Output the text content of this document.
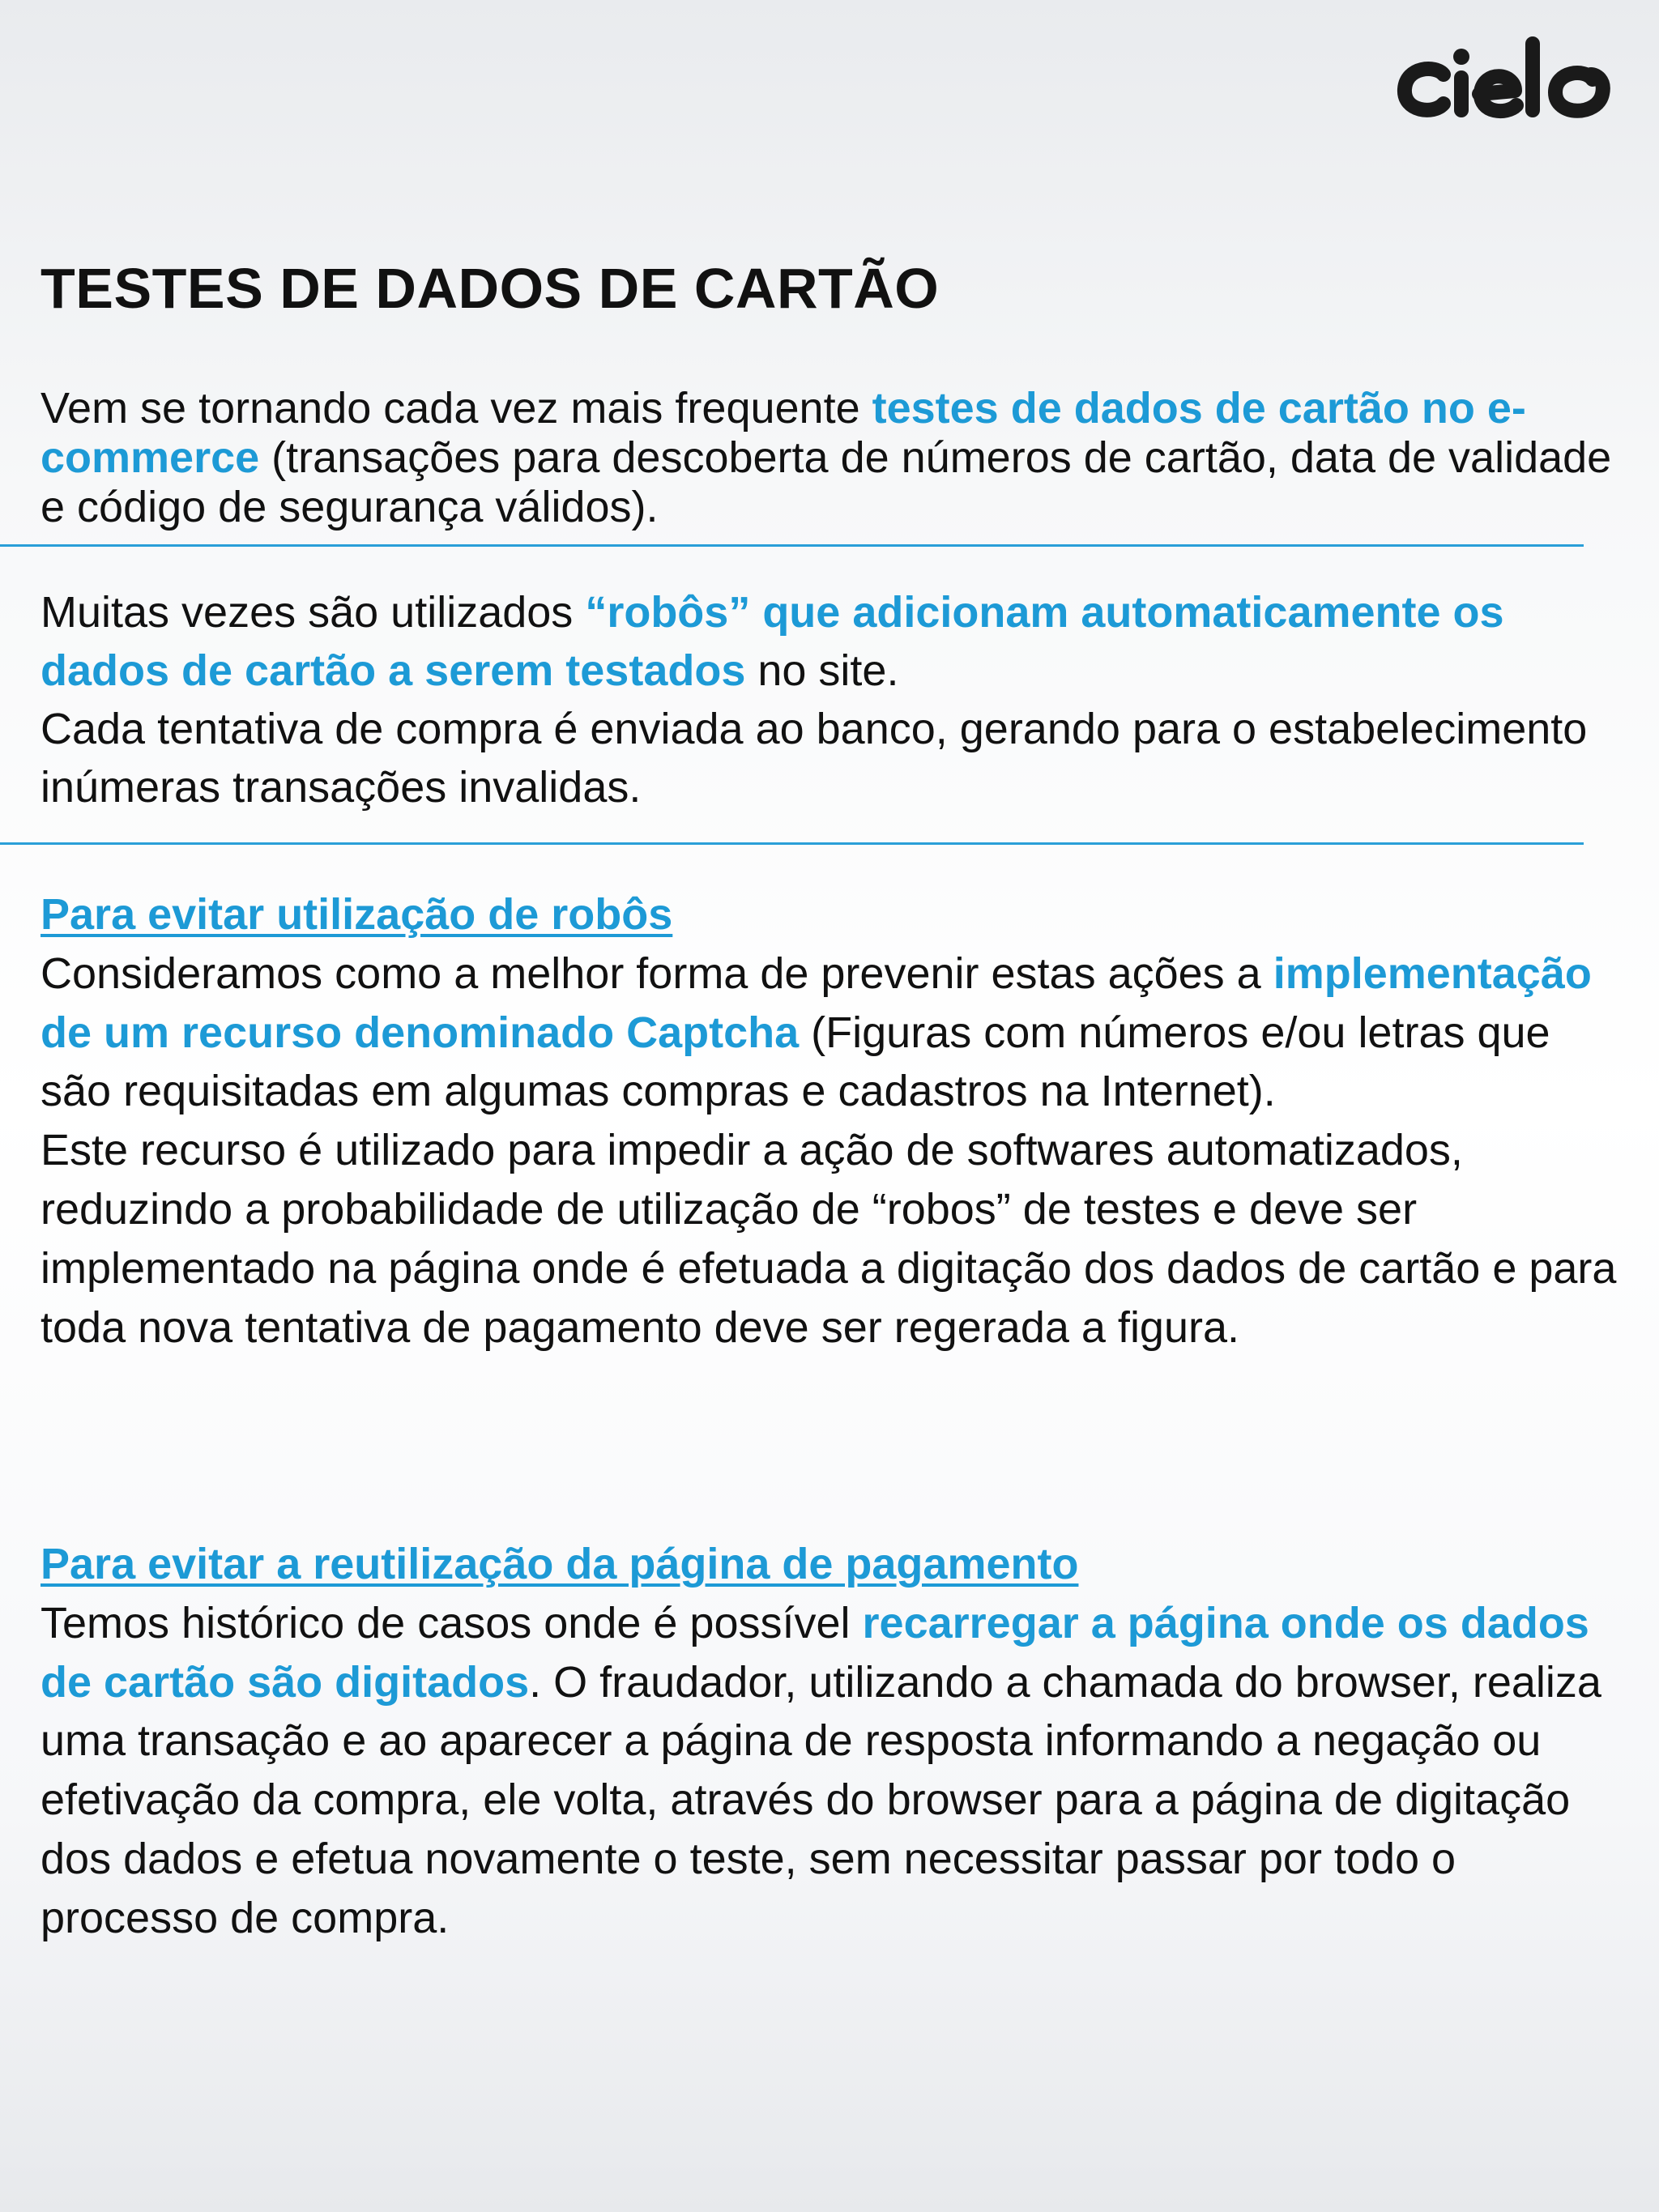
TESTES DE DADOS DE CARTÃO

Vem se tornando cada vez mais frequente testes de dados de cartão no e-commerce (transações para descoberta de números de cartão, data de validade e código de segurança válidos).

Muitas vezes são utilizados “robôs” que adicionam automaticamente os dados de cartão a serem testados no site.
Cada tentativa de compra é enviada ao banco, gerando para o estabelecimento inúmeras transações invalidas.
Para evitar utilização de robôs
Consideramos como a melhor forma de prevenir estas ações a implementação de um recurso denominado Captcha (Figuras com números e/ou letras que são requisitadas em algumas compras e cadastros na Internet).
Este recurso é utilizado para impedir a ação de softwares automatizados, reduzindo a probabilidade de utilização de “robos” de testes e deve ser implementado na página onde é efetuada a digitação dos dados de cartão e para toda nova tentativa de pagamento deve ser regerada a figura.
Para evitar a reutilização da página de pagamento
Temos histórico de casos onde é possível recarregar a página onde os dados de cartão são digitados. O fraudador, utilizando a chamada do browser, realiza uma transação e ao aparecer a página de resposta informando a negação ou efetivação da compra, ele volta, através do browser para a página de digitação dos dados e efetua novamente o teste, sem necessitar passar por todo o processo de compra.
